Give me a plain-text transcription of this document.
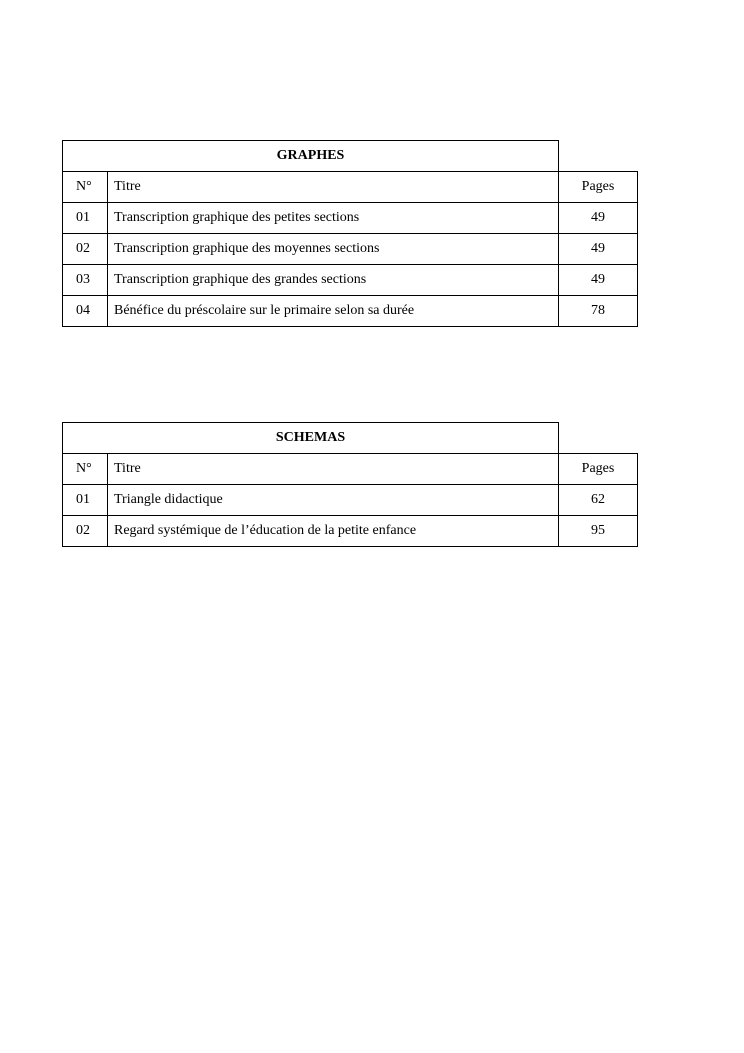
GRAPHES		
N°	Titre	Pages
01	Transcription graphique des petites sections	49
02	Transcription graphique des moyennes sections	49
03	Transcription graphique des grandes sections	49
04	Bénéfice du préscolaire sur le primaire selon sa durée	78
SCHEMAS		
N°	Titre	Pages
01	Triangle didactique	62
02	Regard systémique de l’éducation de la petite enfance	95
